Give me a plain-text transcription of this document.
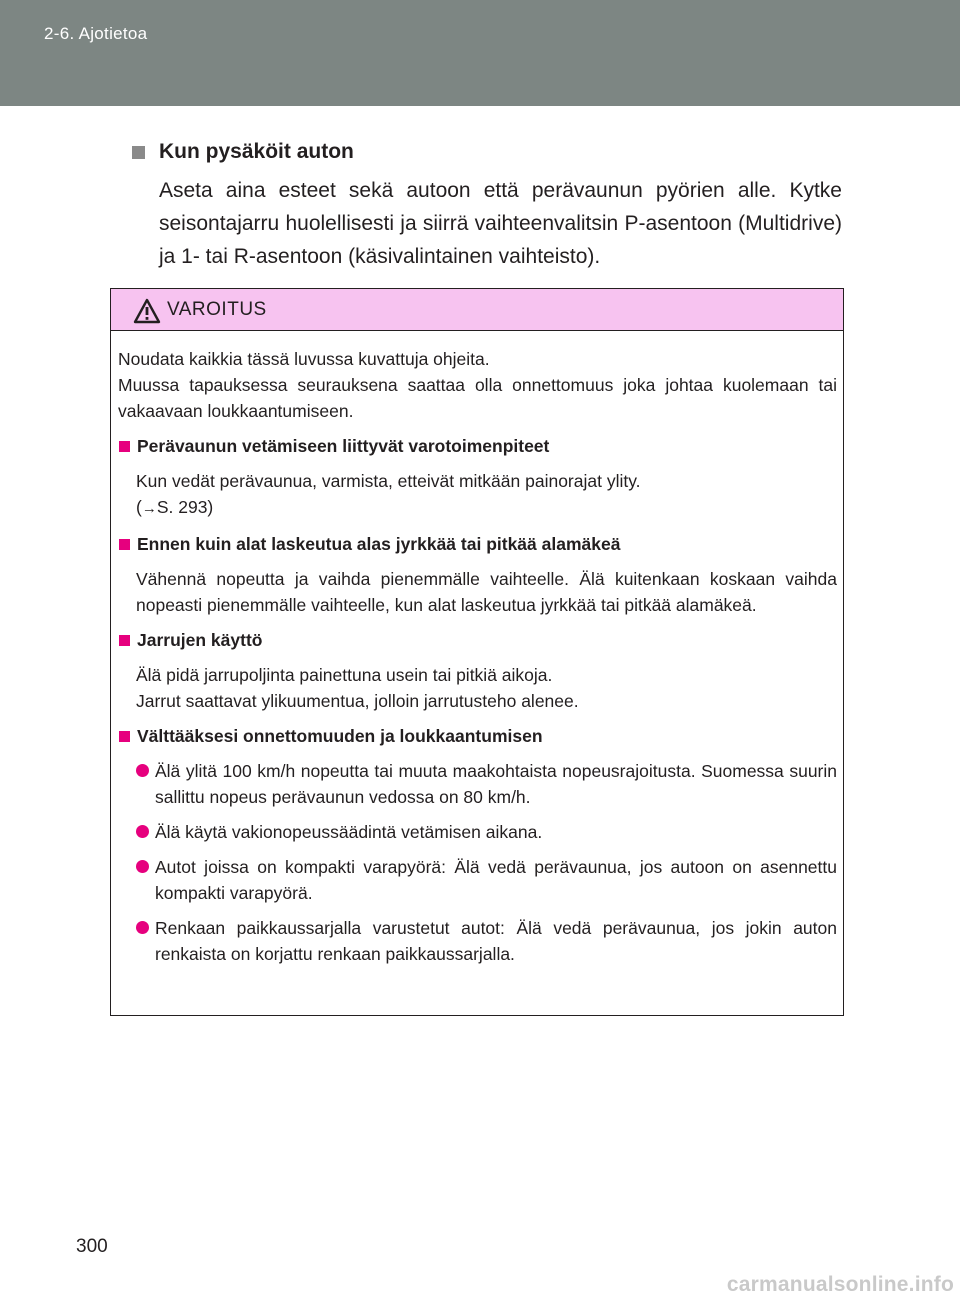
2-6. Ajotietoa
Kun pysäköit auton
Aseta aina esteet sekä autoon että perävaunun pyörien alle. Kytke seisontajarru huolellisesti ja siirrä vaihteenvalitsin P-asentoon (Multidrive) ja 1- tai R-asentoon (käsivalintainen vaihteisto).
VAROITUS

Noudata kaikkia tässä luvussa kuvattuja ohjeita.

Muussa tapauksessa seurauksena saattaa olla onnettomuus joka johtaa kuolemaan tai vakaavaan loukkaantumiseen.

Perävaunun vetämiseen liittyvät varotoimenpiteet

Kun vedät perävaunua, varmista, etteivät mitkään painorajat ylity.

(→S. 293)

Ennen kuin alat laskeutua alas jyrkkää tai pitkää alamäkeä
Vähennä nopeutta ja vaihda pienemmälle vaihteelle. Älä kuitenkaan koskaan vaihda nopeasti pienemmälle vaihteelle, kun alat laskeutua jyrkkää tai pitkää alamäkeä.
Jarrujen käyttö

Älä pidä jarrupoljinta painettuna usein tai pitkiä aikoja.

Jarrut saattavat ylikuumentua, jolloin jarrutusteho alenee.

Välttääksesi onnettomuuden ja loukkaantumisen
Älä ylitä 100 km/h nopeutta tai muuta maakohtaista nopeusrajoitusta. Suomessa suurin sallittu nopeus perävaunun vedossa on 80 km/h.
Älä käytä vakionopeussäädintä vetämisen aikana.
Autot joissa on kompakti varapyörä: Älä vedä perävaunua, jos autoon on asennettu kompakti varapyörä.
Renkaan paikkaussarjalla varustetut autot: Älä vedä perävaunua, jos jokin auton renkaista on korjattu renkaan paikkaussarjalla.
300
carmanualsonline.info
